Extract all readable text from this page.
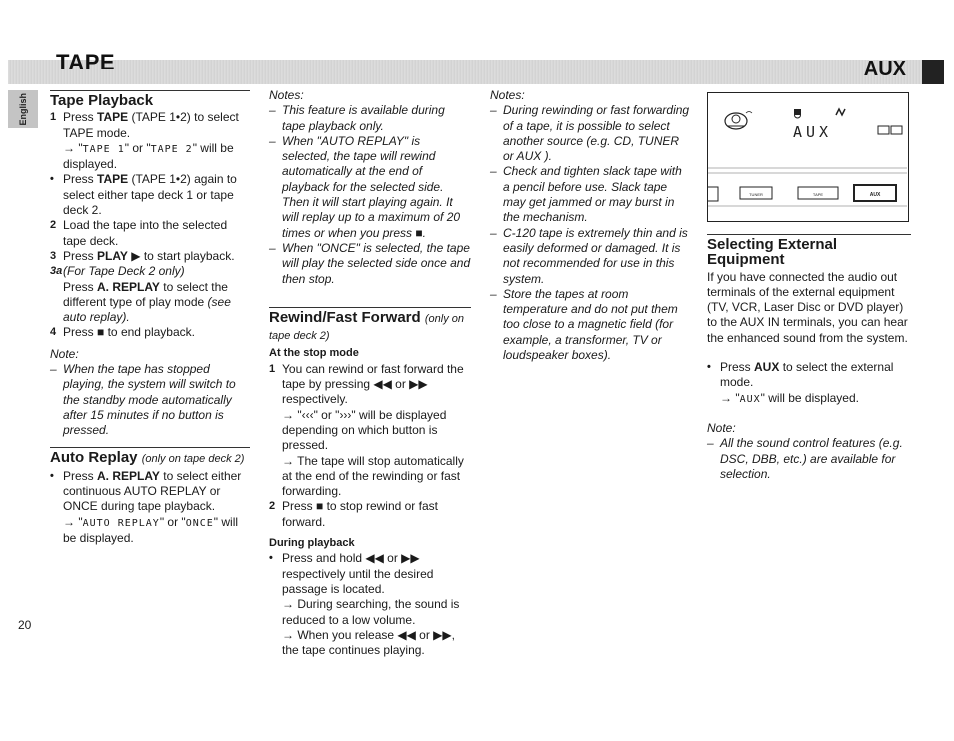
TAPE	AUX
English Tape Playback
1 Press TAPE (TAPE 1•2) to select TAPE mode.
→ "TAPE 1" or "TAPE 2" will be displayed.
• Press TAPE (TAPE 1•2) again to select either tape deck 1 or tape deck 2.
2 Load the tape into the selected tape deck.
3 Press PLAY ▶ to start playback.
3a (For Tape Deck 2 only)
Press A. REPLAY to select the different type of play mode (see auto replay).
4 Press ■ to end playback.
Note:
– When the tape has stopped playing, the system will switch to the standby mode automatically after 15 minutes if no button is pressed.
Auto Replay (only on tape deck 2)
• Press A. REPLAY to select either continuous AUTO REPLAY or ONCE during tape playback.
→ "AUTO REPLAY" or "ONCE" will be displayed.
Notes:
– This feature is available during tape playback only.
– When "AUTO REPLAY" is selected, the tape will rewind automatically at the end of playback for the selected side. Then it will start playing again. It will replay up to a maximum of 20 times or when you press ■.
– When "ONCE" is selected, the tape will play the selected side once and then stop.
Rewind/Fast Forward (only on tape deck 2)
At the stop mode
1 You can rewind or fast forward the tape by pressing ◀◀ or ▶▶ respectively.
→ "‹‹‹" or "›››" will be displayed depending on which button is pressed.
→ The tape will stop automatically at the end of the rewinding or fast forwarding.
2 Press ■ to stop rewind or fast forward.
During playback
• Press and hold ◀◀ or ▶▶ respectively until the desired passage is located.
→ During searching, the sound is reduced to a low volume.
→ When you release ◀◀ or ▶▶, the tape continues playing.
Notes:
– During rewinding or fast forwarding of a tape, it is possible to select another source (e.g. CD, TUNER or AUX ).
– Check and tighten slack tape with a pencil before use. Slack tape may get jammed or may burst in the mechanism.
– C-120 tape is extremely thin and is easily deformed or damaged. It is not recommended for use in this system.
– Store the tapes at room temperature and do not put them too close to a magnetic field (for example, a transformer, TV or loudspeaker boxes).
AUX
TUNER	TAPE	AUX
Selecting External Equipment
If you have connected the audio out terminals of the external equipment (TV, VCR, Laser Disc or DVD player) to the AUX IN terminals, you can hear the enhanced sound from the system.
• Press AUX to select the external mode.
→ "AUX" will be displayed.
Note:
– All the sound control features (e.g. DSC, DBB, etc.) are available for selection.
20
